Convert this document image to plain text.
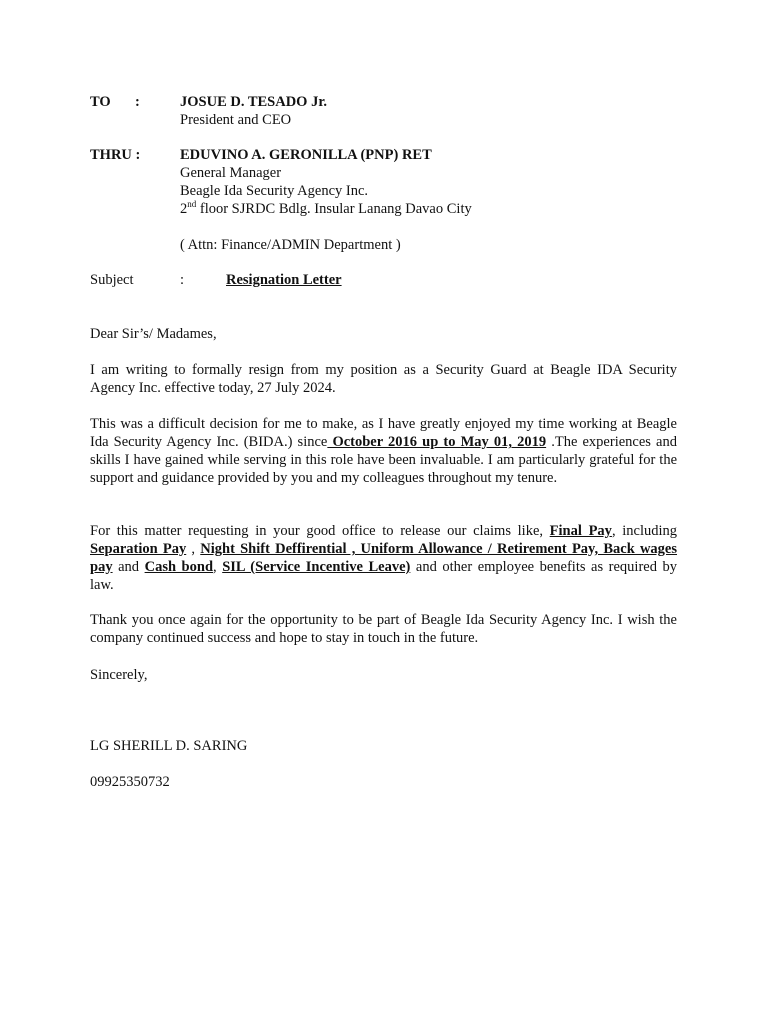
TO :	JOSUE D. TESADO Jr.
President and CEO
THRU :	EDUVINO A. GERONILLA (PNP) RET
General Manager
Beagle Ida Security Agency Inc.
2nd floor SJRDC Bdlg. Insular Lanang Davao City
( Attn: Finance/ADMIN Department )
Subject	:	Resignation Letter
Dear Sir’s/ Madames,
I am writing to formally resign from my position as a Security Guard at Beagle IDA Security Agency Inc. effective today, 27 July 2024.
This was a difficult decision for me to make, as I have greatly enjoyed my time working at Beagle Ida Security Agency Inc. (BIDA.) since October 2016 up to May 01, 2019 .The experiences and skills I have gained while serving in this role have been invaluable. I am particularly grateful for the support and guidance provided by you and my colleagues throughout my tenure.
For this matter requesting in your good office to release our claims like, Final Pay, including Separation Pay , Night Shift Deffirential , Uniform Allowance / Retirement Pay, Back wages pay and Cash bond, SIL (Service Incentive Leave) and other employee benefits as required by law.
Thank you once again for the opportunity to be part of Beagle Ida Security Agency Inc. I wish the company continued success and hope to stay in touch in the future.
Sincerely,
LG SHERILL D. SARING
09925350732
